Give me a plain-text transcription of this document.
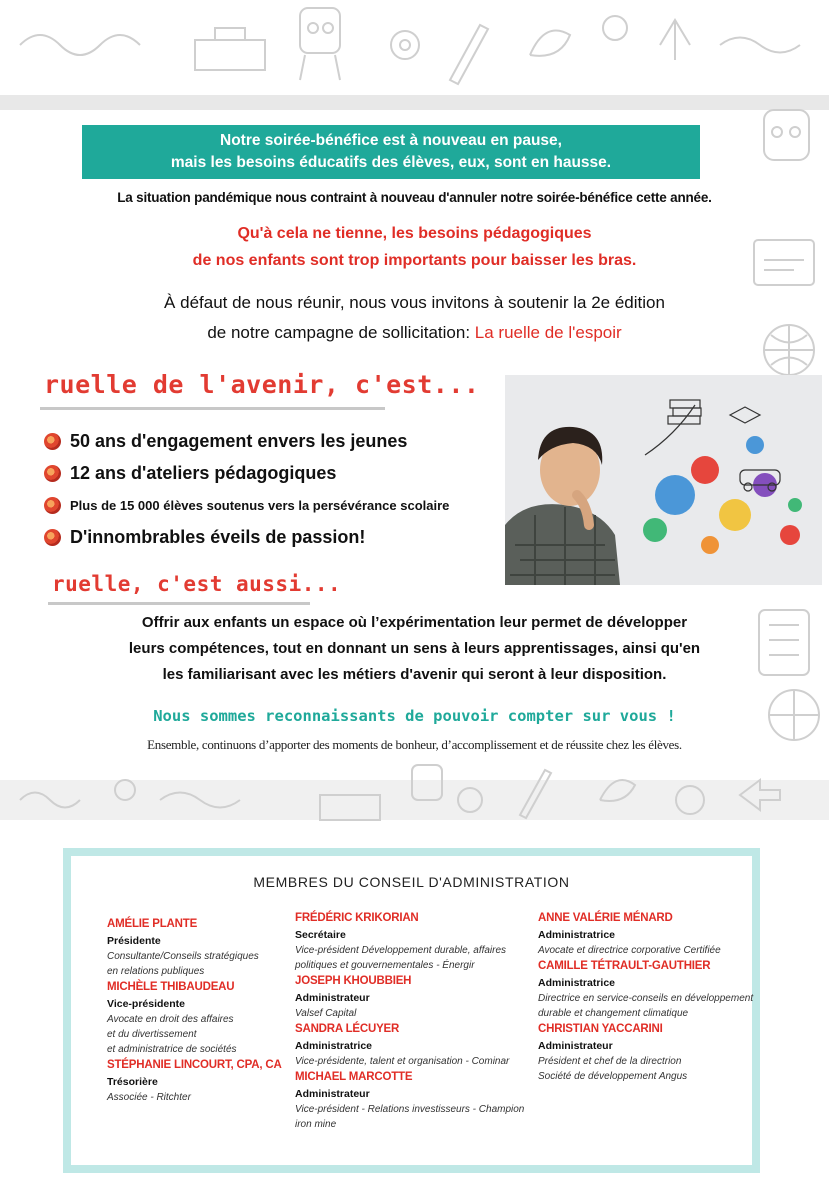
Notre soirée-bénéfice est à nouveau en pause,
mais les besoins éducatifs des élèves, eux, sont en hausse.
La situation pandémique nous contraint à nouveau d'annuler notre soirée-bénéfice cette année.
Qu'à cela ne tienne, les besoins pédagogiques
de nos enfants sont trop importants pour baisser les bras.
À défaut de nous réunir, nous vous invitons à soutenir la 2e édition
de notre campagne de sollicitation: La ruelle de l'espoir
ruelle de l'avenir, c'est...
50 ans d'engagement envers les jeunes
12 ans d'ateliers pédagogiques
Plus de 15 000 élèves soutenus vers la persévérance scolaire
D'innombrables éveils de passion!
ruelle, c'est aussi...
Offrir aux enfants un espace où l’expérimentation leur permet de développer
leurs compétences, tout en donnant un sens à leurs apprentissages, ainsi qu'en
les familiarisant avec les métiers d'avenir qui seront à leur disposition.
Nous sommes reconnaissants de pouvoir compter sur vous !
Ensemble, continuons d’apporter des moments de bonheur, d’accomplissement et de réussite chez les élèves.
MEMBRES DU CONSEIL D'ADMINISTRATION
AMÉLIE PLANTE
Présidente
Consultante/Conseils stratégiques
en relations publiques
MICHÈLE THIBAUDEAU
Vice-présidente
Avocate en droit des affaires
et du divertissement
et administratrice de sociétés
STÉPHANIE LINCOURT, CPA, CA
Trésorière
Associée - Ritchter
FRÉDÉRIC KRIKORIAN
Secrétaire
Vice-président Développement durable, affaires
politiques et gouvernementales - Énergir
JOSEPH KHOUBBIEH
Administrateur
Valsef Capital
SANDRA LÉCUYER
Administratrice
Vice-présidente, talent et organisation - Cominar
MICHAEL MARCOTTE
Administrateur
Vice-président - Relations investisseurs - Champion
iron mine
ANNE VALÉRIE MÉNARD
Administratrice
Avocate et directrice corporative Certifiée
CAMILLE TÉTRAULT-GAUTHIER
Administratrice
Directrice en service-conseils en développement
durable et changement climatique
CHRISTIAN YACCARINI
Administrateur
Président et chef de la directrion
Société de développement Angus
